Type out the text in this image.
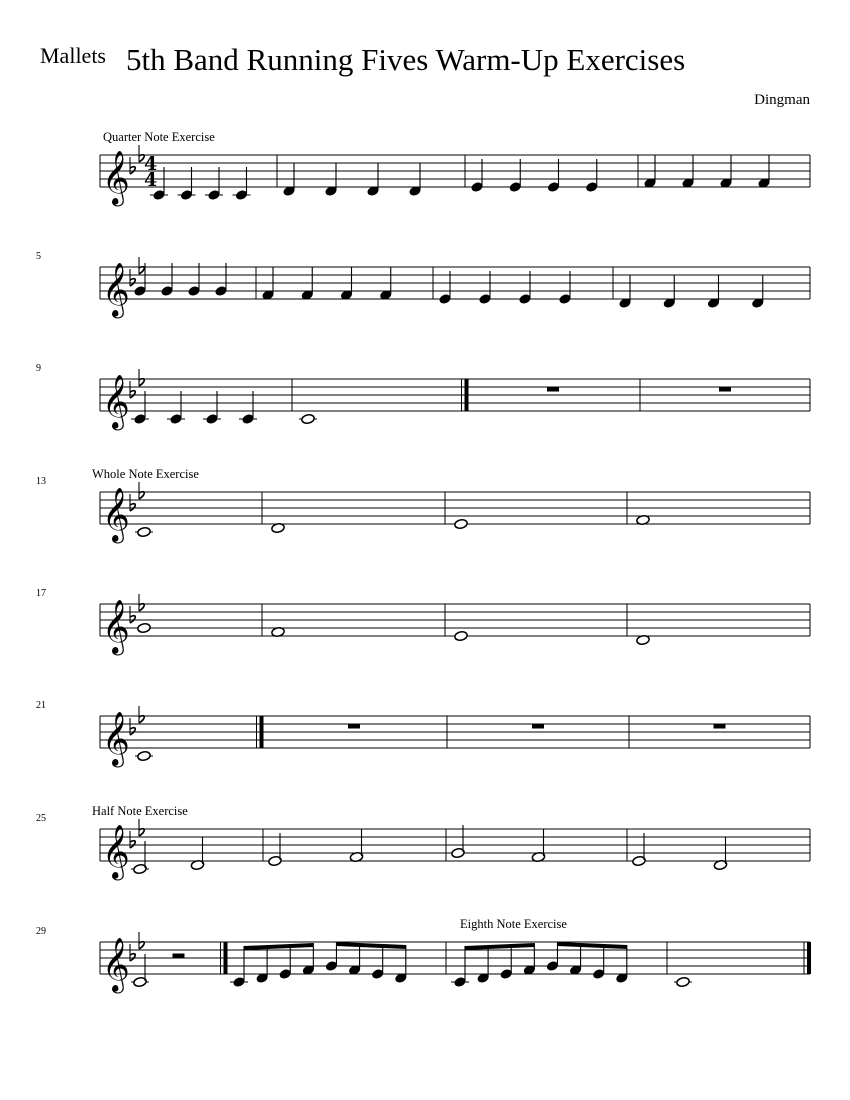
Mallets 5th Band Running Fives Warm-Up Exercises
Dingman
𝄞 4
4
Quarter Note Exercise
𝄞
5
𝄞
9
𝄞
13
Whole Note Exercise
𝄞
17
𝄞
21
𝄞
25
Half Note Exercise
𝄞
29
Eighth Note Exercise
